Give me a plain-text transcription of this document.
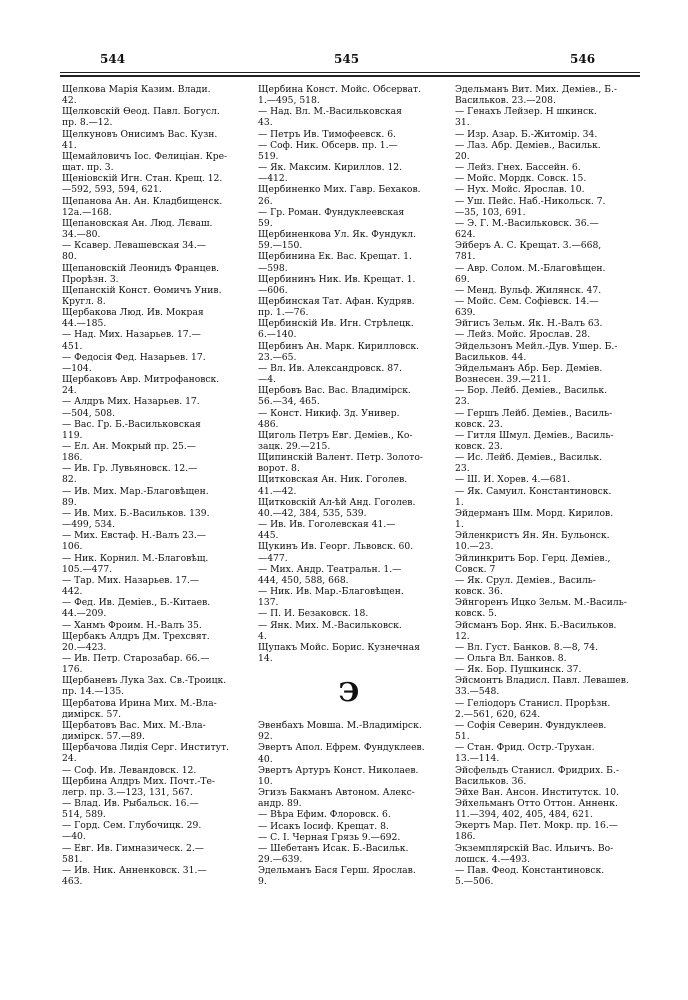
544	545	546

Щелкова Марія Казим. Влади.
42.

Щелковскій Ѳеод. Павл. Богусл.
пр. 8.—12.

Щелкуновъ Онисимъ Вас. Кузн.
41.

Щемайловичъ Іос. Фелиціан. Кре-
щат. пр. 3.

Щеніовскій Игн. Стан. Крещ. 12.
—592, 593, 594, 621.

Щепанова Ан. Ан. Кладбищенск.
12а.—168.

Щепановская Ан. Люд. Лєваш.
34.—80.

— Ксавер. Левашевская 34.—
80.

Щепановскій Леонидъ Францев.
Прорѣзн. 3.

Щепанскій Конст. Ѳомичъ Унив.
Кругл. 8.

Щербакова Люд. Ив. Мокрая
44.—185.

— Над. Мих. Назарьев. 17.—
451.

— Федосія Фед. Назарьев. 17.
—104.

Щербаковъ Авр. Митрофановск.
24.

— Алдръ Мих. Назарьев. 17.
—504, 508.

— Вас. Гр. Б.-Васильковская
119.

— Ел. Ан. Мокрый пр. 25.—
186.

— Ив. Гр. Лувьяновск. 12.—
82.

— Ив. Мих. Мар.-Благовѣщен.
89.

— Ив. Мих. Б.-Васильков. 139.
—499, 534.

— Мих. Евстаф. Н.-Валъ 23.—
106.

— Ник. Корнил. М.-Благовѣщ.
105.—477.

— Тар. Мих. Назарьев. 17.—
442.

— Фед. Ив. Деміев., Б.-Китаев.
44.—209.

— Ханмъ Фроим. Н.-Валъ 35.

Щербакъ Алдръ Дм. Трехсвят.
20.—423.

— Ив. Петр. Старозабар. 66.—
176.

Щербаневъ Лука Зах. Св.-Троицк.
пр. 14.—135.

Щербатова Ирина Мих. М.-Вла-
димірск. 57.

Щербатовъ Вас. Мих. М.-Вла-
димірск. 57.—89.

Щербачова Лидія Серг. Институт.
24.

— Соф. Ив. Левандовск. 12.

Щербина Алдръ Мих. Почт.-Те-
легр. пр. 3.—123, 131, 567.

— Влад. Ив. Рыбальск. 16.—
514, 589.

— Горд. Сем. Глубочицк. 29.
—40.

— Евг. Ив. Гимназическ. 2.—
581.

— Ив. Ник. Анненковск. 31.—
463.

Щербина Конст. Мойс. Обсерват.
1.—495, 518.

— Над. Вл. М.-Васильковская
43.

— Петръ Ив. Тимофеевск. 6.

— Соф. Ник. Обсерв. пр. 1.—
519.

— Як. Максим. Кириллов. 12.
—412.

Щербиненко Мих. Гавр. Бехаков.
26.

— Гр. Роман. Фундуклеевская
59.

Щербиненкова Ул. Як. Фундукл.
59.—150.

Щербинина Ек. Вас. Крещат. 1.
—598.

Щербининъ Ник. Ив. Крещат. 1.
—606.

Щербинская Тат. Афан. Кудряв.
пр. 1.—76.

Щербинскій Ив. Игн. Стрѣлецк.
6.—140.

Щербинъ Ан. Марк. Кирилловск.
23.—65.

— Вл. Ив. Александровск. 87.
—4.

Щербовъ Вас. Вас. Владимірск.
56.—34, 465.

— Конст. Никиф. Зд. Универ.
486.

Щиголь Петръ Евг. Деміев., Ко-
зацк. 29.—215.

Щипинскій Валент. Петр. Золото-
ворот. 8.

Щитковская Ан. Ник. Гоголев.
41.—42.

Щитковскій Ал-ѣй Анд. Гоголев.
40.—42, 384, 535, 539.

— Ив. Ив. Гоголевская 41.—
445.

Щукинъ Ив. Георг. Львовск. 60.
—477.

— Мих. Андр. Театральн. 1.—
444, 450, 588, 668.

— Ник. Ив. Мар.-Благовѣщен.
137.

— П. И. Безаковск. 18.

— Янк. Мих. М.-Васильковск.
4.

Щупакъ Мойс. Борис. Кузнечная
14.

Э

Эвенбахъ Мовша. М.-Владимірск.
92.

Эвертъ Апол. Ефрем. Фундуклеев.
40.

Эвертъ Артуръ Конст. Николаев.
10.

Эгизъ Бакманъ Автоном. Алекс-
андр. 89.

— Вѣра Ефим. Флоровск. 6.

— Исакъ Іосиф. Крещат. 8.

— С. І. Черная Грязь 9.—692.

— Шебетанъ Исак. Б.-Васильк.
29.—639.

Эдельманъ Бася Герш. Ярослав.
9.

Эдельманъ Вит. Мих. Деміев., Б.-
Васильков. 23.—208.

— Генахъ Лейзер. Н шкинск.
31.

— Изр. Азар. Б.-Житомір. 34.

— Лаз. Абр. Деміев., Васильк.
20.

— Лейз. Гнех. Бассейн. 6.

— Мойс. Мордк. Совск. 15.

— Нух. Мойс. Ярослав. 10.

— Уш. Пейс. Наб.-Никольск. 7.
—35, 103, 691.

— Э. Г. М.-Васильковск. 36.—
624.

Эйберъ А. С. Крещат. 3.—668,
781.

— Авр. Солом. М.-Благовѣщен.
69.

— Менд. Вульф. Жилянск. 47.

— Мойс. Сем. Софіевск. 14.—
639.

Эйгисъ Зельм. Як. Н.-Валъ 63.

— Лейз. Мойс. Ярослав. 28.

Эйдельзонъ Мейл.-Дув. Ушер. Б.-
Васильков. 44.

Эйдельманъ Абр. Бер. Деміев.
Вознесен. 39.—211.

— Бор. Лейб. Деміев., Васильк.
23.

— Гершъ Лейб. Деміев., Василь-
ковск. 23.

— Гитля Шмул. Деміев., Василь-
ковск. 23.

— Ис. Лейб. Деміев., Васильк.
23.

— Ш. И. Хорев. 4.—681.

— Як. Самуил. Константиновск.
1.

Эйдерманъ Шм. Морд. Кирилов.
1.

Эйленкристъ Ян. Ян. Бульонск.
10.—23.

Эйлинкритъ Бор. Герц. Деміев.,
Совск. 7

— Як. Срул. Деміев., Василь-
ковск. 36.

Эйнгоренъ Ицко Зельм. М.-Василь-
ковск. 5.

Эйсманъ Бор. Янк. Б.-Васильков.
12.

— Вл. Густ. Банков. 8.—8, 74.

— Ольга Вл. Банков. 8.

— Як. Бор. Пушкинск. 37.

Эйсмонтъ Владисл. Павл. Левашев.
33.—548.

— Геліодоръ Станисл. Прорѣзн.
2.—561, 620, 624.

— Софія Северин. Фундуклеев.
51.

— Стан. Фрид. Остр.-Трухан.
13.—114.

Эйсфельдъ Станисл. Фридрих. Б.-
Васильков. 36.

Эйхе Ван. Ансон. Институтск. 10.

Эйхельманъ Отто Оттон. Анненк.
11.—394, 402, 405, 484, 621.

Экертъ Мар. Пет. Мокр. пр. 16.—
186.

Экземплярскій Вас. Ильичъ. Во-
лошск. 4.—493.

— Пав. Феод. Константиновск.
5.—506.
